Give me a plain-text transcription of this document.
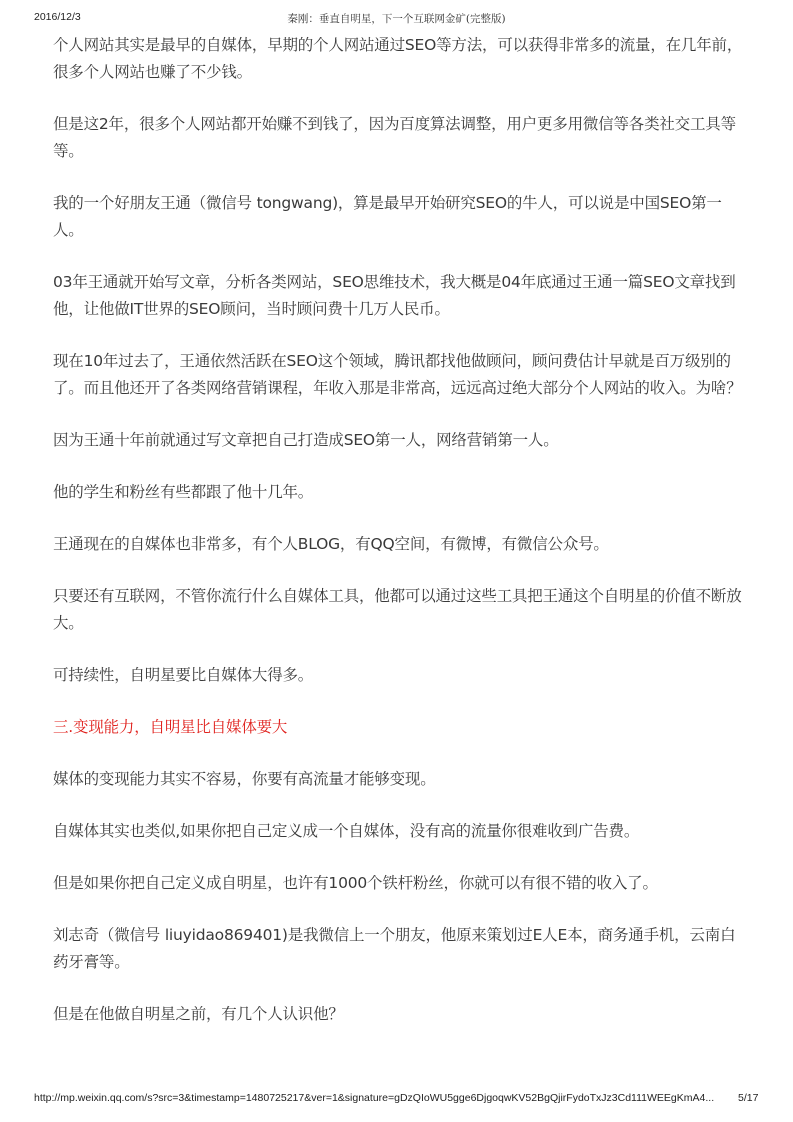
2016/12/3	秦刚：垂直自明星，下一个互联网金矿(完整版)

个人网站其实是最早的自媒体，早期的个人网站通过SEO等方法，可以获得非常多的流量，在几年前，很多个人网站也赚了不少钱。

但是这2年，很多个人网站都开始赚不到钱了，因为百度算法调整，用户更多用微信等各类社交工具等等。

我的一个好朋友王通（微信号 tongwang)，算是最早开始研究SEO的牛人，可以说是中国SEO第一人。

03年王通就开始写文章，分析各类网站，SEO思维技术，我大概是04年底通过王通一篇SEO文章找到他，让他做IT世界的SEO顾问，当时顾问费十几万人民币。

现在10年过去了，王通依然活跃在SEO这个领域，腾讯都找他做顾问，顾问费估计早就是百万级别的了。而且他还开了各类网络营销课程，年收入那是非常高，远远高过绝大部分个人网站的收入。为啥？

因为王通十年前就通过写文章把自己打造成SEO第一人，网络营销第一人。

他的学生和粉丝有些都跟了他十几年。

王通现在的自媒体也非常多，有个人BLOG，有QQ空间，有微博，有微信公众号。

只要还有互联网，不管你流行什么自媒体工具，他都可以通过这些工具把王通这个自明星的价值不断放大。

可持续性，自明星要比自媒体大得多。

三.变现能力，自明星比自媒体要大

媒体的变现能力其实不容易，你要有高流量才能够变现。

自媒体其实也类似,如果你把自己定义成一个自媒体，没有高的流量你很难收到广告费。

但是如果你把自己定义成自明星，也许有1000个铁杆粉丝，你就可以有很不错的收入了。

刘志奇（微信号 liuyidao869401)是我微信上一个朋友，他原来策划过E人E本，商务通手机，云南白药牙膏等。

但是在他做自明星之前，有几个人认识他？

http://mp.weixin.qq.com/s?src=3&timestamp=1480725217&ver=1&signature=gDzQIoWU5gge6DjgoqwKV52BgQjirFydoTxJz3Cd111WEEgKmA4... 5/17
